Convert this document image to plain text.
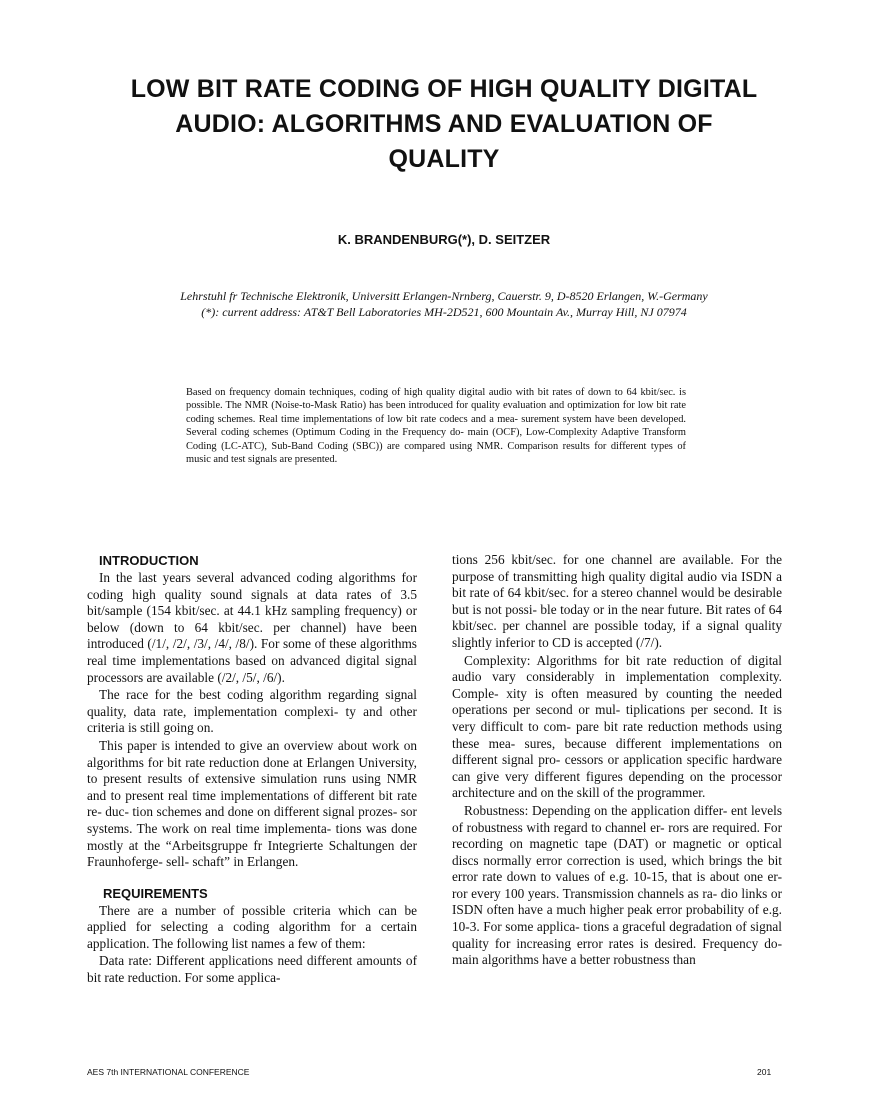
LOW BIT RATE CODING OF HIGH QUALITY DIGITAL
AUDIO: ALGORITHMS AND EVALUATION OF
QUALITY
K. BRANDENBURG(*), D. SEITZER
Lehrstuhl fr Technische Elektronik, Universitt Erlangen-Nrnberg, Cauerstr. 9, D-8520 Erlangen, W.-Germany
(*): current address: AT&T Bell Laboratories MH-2D521, 600 Mountain Av., Murray Hill, NJ 07974
Based on frequency domain techniques, coding of high quality digital audio with bit rates of down to 64 kbit/sec. is possible. The NMR (Noise-to-Mask Ratio) has been introduced for quality evaluation and optimization for low bit rate coding schemes. Real time implementations of low bit rate codecs and a mea- surement system have been developed. Several coding schemes (Optimum Coding in the Frequency do- main (OCF), Low-Complexity Adaptive Transform Coding (LC-ATC), Sub-Band Coding (SBC)) are compared using NMR. Comparison results for different types of music and test signals are presented.

INTRODUCTION

In the last years several advanced coding algorithms for coding high quality sound signals at data rates of 3.5 bit/sample (154 kbit/sec. at 44.1 kHz sampling frequency) or below (down to 64 kbit/sec. per channel) have been introduced (/1/, /2/, /3/, /4/, /8/). For some of these algorithms real time implementations based on advanced digital signal processors are available (/2/, /5/, /6/).

The race for the best coding algorithm regarding signal quality, data rate, implementation complexi- ty and other criteria is still going on.

This paper is intended to give an overview about work on algorithms for bit rate reduction done at Erlangen University, to present results of extensive simulation runs using NMR and to present real time implementations of different bit rate re- duc- tion schemes and done on different signal prozes- sor systems. The work on real time implementa- tions was done mostly at the “Arbeitsgruppe fr Integrierte Schaltungen der Fraunhoferge- sell- schaft” in Erlangen.

REQUIREMENTS

There are a number of possible criteria which can be applied for selecting a coding algorithm for a certain application. The following list names a few of them:

Data rate: Different applications need different amounts of bit rate reduction. For some applica-

tions 256 kbit/sec. for one channel are available. For the purpose of transmitting high quality digital audio via ISDN a bit rate of 64 kbit/sec. for a stereo channel would be desirable but is not possi- ble today or in the near future. Bit rates of 64 kbit/sec. per channel are possible today, if a signal quality slightly inferior to CD is accepted (/7/).

Complexity: Algorithms for bit rate reduction of digital audio vary considerably in implementation complexity. Comple- xity is often measured by counting the needed operations per second or mul- tiplications per second. It is very difficult to com- pare bit rate reduction methods using these mea- sures, because different implementations on different signal pro- cessors or application specific hardware can give very different figures depending on the processor architecture and on the skill of the programmer.

Robustness: Depending on the application differ- ent levels of robustness with regard to channel er- rors are required. For recording on magnetic tape (DAT) or magnetic or optical discs normally error correction is used, which brings the bit error rate down to values of e.g. 10-15, that is about one er- ror every 100 years. Transmission channels as ra- dio links or ISDN often have a much higher peak error probability of e.g. 10-3. For some applica- tions a graceful degradation of signal quality for increasing error rates is desired. Frequency do- main algorithms have a better robustness than

AES 7th INTERNATIONAL CONFERENCE	201
